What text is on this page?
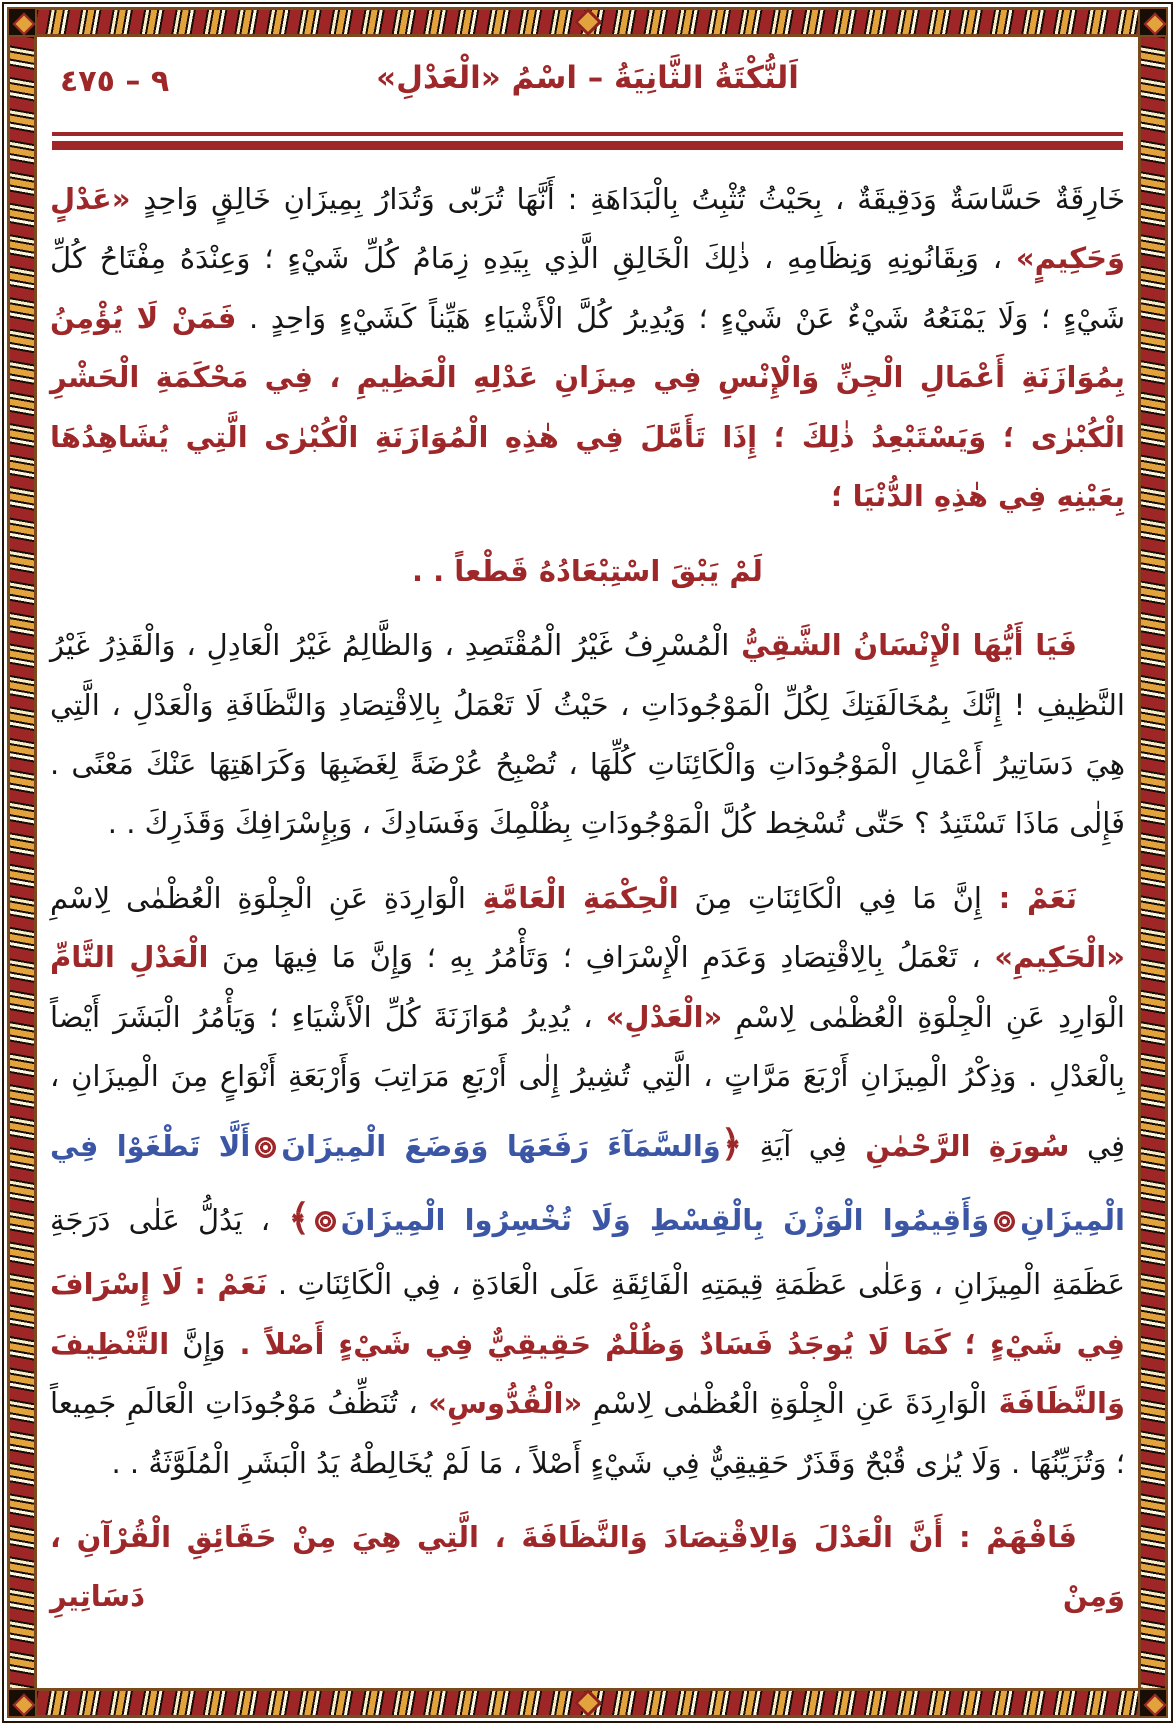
٩ – ٤٧٥	اَلنُّكْتَةُ الثَّانِيَةُ – اسْمُ «الْعَدْلِ»
خَارِقَةٌ حَسَّاسَةٌ وَدَقِيقَةٌ ، بِحَيْثُ تُثْبِتُ بِالْبَدَاهَةِ : أَنَّهَا تُرَبّٰى وَتُدَارُ بِمِيزَانِ خَالِقٍ وَاحِدٍ «عَدْلٍ وَحَكِيمٍ» ، وَبِقَانُونِهِ وَنِظَامِهِ ، ذٰلِكَ الْخَالِقِ الَّذِي بِيَدِهِ زِمَامُ كُلِّ شَيْءٍ ؛ وَعِنْدَهُ مِفْتَاحُ كُلِّ شَيْءٍ ؛ وَلَا يَمْنَعُهُ شَيْءٌ عَنْ شَيْءٍ ؛ وَيُدِيرُ كُلَّ الْأَشْيَاءِ هَيِّناً كَشَيْءٍ وَاحِدٍ . فَمَنْ لَا يُؤْمِنُ بِمُوَازَنَةِ أَعْمَالِ الْجِنِّ وَالْإِنْسِ فِي مِيزَانِ عَدْلِهِ الْعَظِيمِ ، فِي مَحْكَمَةِ الْحَشْرِ الْكُبْرٰى ؛ وَيَسْتَبْعِدُ ذٰلِكَ ؛ إِذَا تَأَمَّلَ فِي هٰذِهِ الْمُوَازَنَةِ الْكُبْرٰى الَّتِي يُشَاهِدُهَا بِعَيْنِهِ فِي هٰذِهِ الدُّنْيَا ؛
لَمْ يَبْقَ اسْتِبْعَادُهُ قَطْعاً . .
فَيَا أَيُّهَا الْإِنْسَانُ الشَّقِيُّ الْمُسْرِفُ غَيْرُ الْمُقْتَصِدِ ، وَالظَّالِمُ غَيْرُ الْعَادِلِ ، وَالْقَذِرُ غَيْرُ النَّظِيفِ ! إِنَّكَ بِمُخَالَفَتِكَ لِكُلِّ الْمَوْجُودَاتِ ، حَيْثُ لَا تَعْمَلُ بِالِاقْتِصَادِ وَالنَّظَافَةِ وَالْعَدْلِ ، الَّتِي هِيَ دَسَاتِيرُ أَعْمَالِ الْمَوْجُودَاتِ وَالْكَائِنَاتِ كُلِّهَا ، تُصْبِحُ عُرْضَةً لِغَضَبِهَا وَكَرَاهَتِهَا عَنْكَ مَعْنًى . فَإِلٰى مَاذَا تَسْتَنِدُ ؟ حَتّٰى تُسْخِط كُلَّ الْمَوْجُودَاتِ بِظُلْمِكَ وَفَسَادِكَ ، وَبِإِسْرَافِكَ وَقَذَرِكَ . .
نَعَمْ : إِنَّ مَا فِي الْكَائِنَاتِ مِنَ الْحِكْمَةِ الْعَامَّةِ الْوَارِدَةِ عَنِ الْجِلْوَةِ الْعُظْمٰى لِاسْمِ «الْحَكِيمِ» ، تَعْمَلُ بِالِاقْتِصَادِ وَعَدَمِ الْإِسْرَافِ ؛ وَتَأْمُرُ بِهِ ؛ وَإِنَّ مَا فِيهَا مِنَ الْعَدْلِ التَّامِّ الْوَارِدِ عَنِ الْجِلْوَةِ الْعُظْمٰى لِاسْمِ «الْعَدْلِ» ، يُدِيرُ مُوَازَنَةَ كُلِّ الْأَشْيَاءِ ؛ وَيَأْمُرُ الْبَشَرَ أَيْضاً بِالْعَدْلِ . وَذِكْرُ الْمِيزَانِ أَرْبَعَ مَرَّاتٍ ، الَّتِي تُشِيرُ إِلٰى أَرْبَعِ مَرَاتِبَ وَأَرْبَعَةِ أَنْوَاعٍ مِنَ الْمِيزَانِ ، فِي سُورَةِ الرَّحْمٰنِ فِي آيَةِ ﴿وَالسَّمَآءَ رَفَعَهَا وَوَضَعَ الْمِيزَانَأَلَّا تَطْغَوْا فِي الْمِيزَانِوَأَقِيمُوا الْوَزْنَ بِالْقِسْطِ وَلَا تُخْسِرُوا الْمِيزَانَ﴾ ، يَدُلُّ عَلٰى دَرَجَةِ عَظَمَةِ الْمِيزَانِ ، وَعَلٰى عَظَمَةِ قِيمَتِهِ الْفَائِقَةِ عَلَى الْعَادَةِ ، فِي الْكَائِنَاتِ . نَعَمْ : لَا إِسْرَافَ فِي شَيْءٍ ؛ كَمَا لَا يُوجَدُ فَسَادٌ وَظُلْمٌ حَقِيقِيٌّ فِي شَيْءٍ أَصْلاً . وَإِنَّ التَّنْظِيفَ وَالنَّظَافَةَ الْوَارِدَةَ عَنِ الْجِلْوَةِ الْعُظْمٰى لِاسْمِ «الْقُدُّوسِ» ، تُنَظِّفُ مَوْجُودَاتِ الْعَالَمِ جَمِيعاً ؛ وَتُزَيِّنُهَا . وَلَا يُرٰى قُبْحٌ وَقَذَرٌ حَقِيقِيٌّ فِي شَيْءٍ أَصْلاً ، مَا لَمْ يُخَالِطْهُ يَدُ الْبَشَرِ الْمُلَوَّثَةُ . .
فَافْهَمْ : أَنَّ الْعَدْلَ وَالِاقْتِصَادَ وَالنَّظَافَةَ ، الَّتِي هِيَ مِنْ حَقَائِقِ الْقُرْآنِ ، وَمِنْ دَسَاتِيرِ
